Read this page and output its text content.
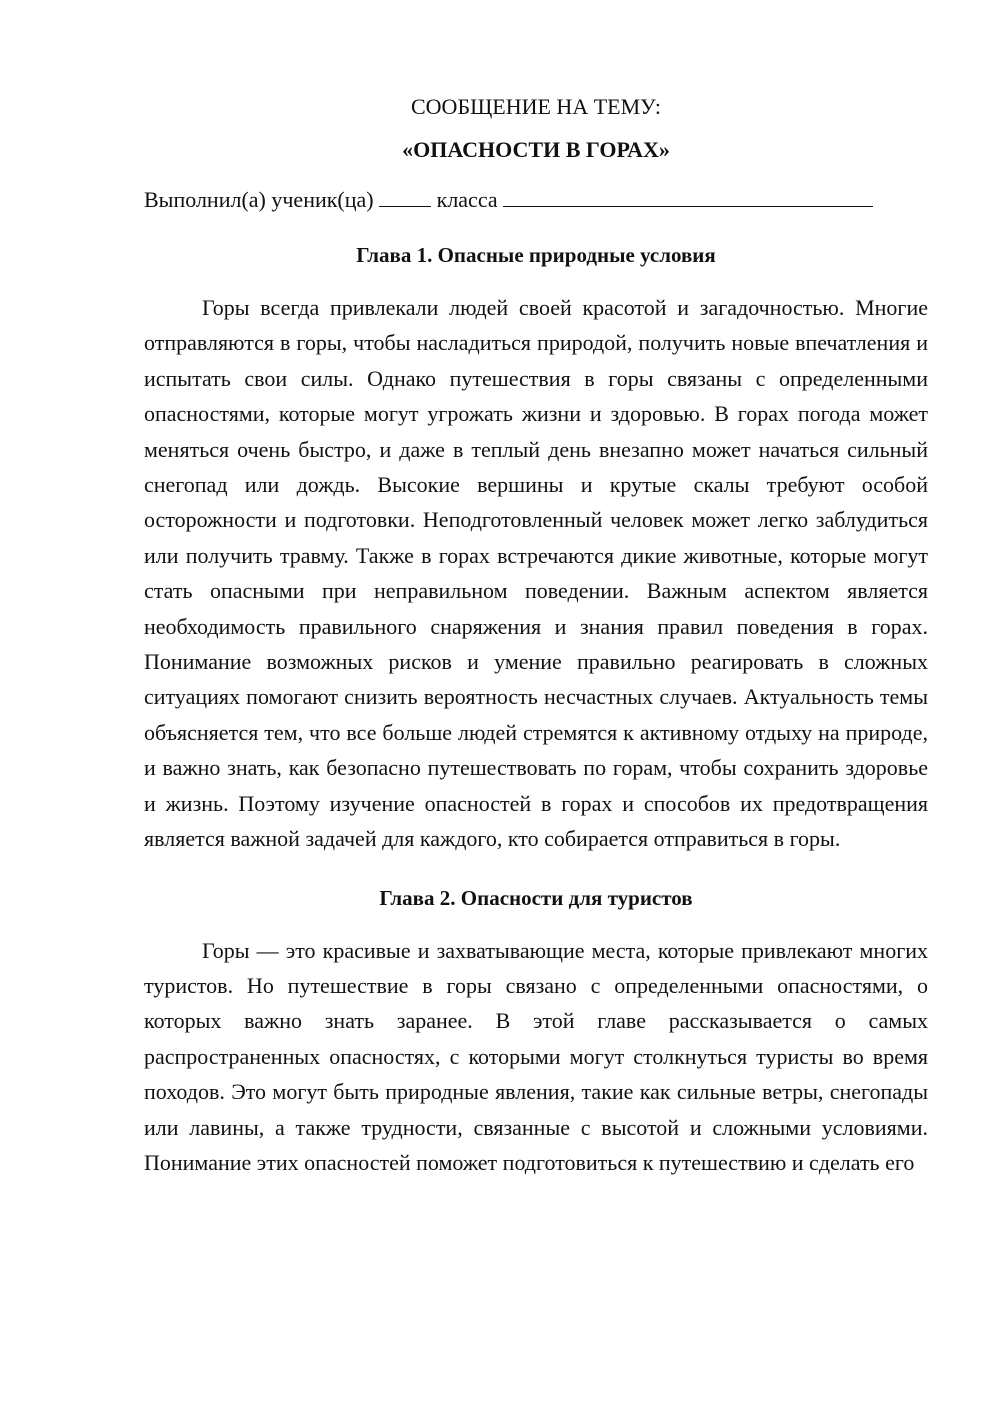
СООБЩЕНИЕ НА ТЕМУ:

«ОПАСНОСТИ В ГОРАХ»

Выполнил(а) ученик(ца)	класса

Глава 1. Опасные природные условия

Горы всегда привлекали людей своей красотой и загадочностью. Многие отправляются в горы, чтобы насладиться природой, получить новые впечатления и испытать свои силы. Однако путешествия в горы связаны с определенными опасностями, которые могут угрожать жизни и здоровью. В горах погода может меняться очень быстро, и даже в теплый день внезапно может начаться сильный снегопад или дождь. Высокие вершины и крутые скалы требуют особой осторожности и подготовки. Неподготовленный человек может легко заблудиться или получить травму. Также в горах встречаются дикие животные, которые могут стать опасными при неправильном поведении. Важным аспектом является необходимость правильного снаряжения и знания правил поведения в горах. Понимание возможных рисков и умение правильно реагировать в сложных ситуациях помогают снизить вероятность несчастных случаев. Актуальность темы объясняется тем, что все больше людей стремятся к активному отдыху на природе, и важно знать, как безопасно путешествовать по горам, чтобы сохранить здоровье и жизнь. Поэтому изучение опасностей в горах и способов их предотвращения является важной задачей для каждого, кто собирается отправиться в горы.

Глава 2. Опасности для туристов

Горы — это красивые и захватывающие места, которые привлекают многих туристов. Но путешествие в горы связано с определенными опасностями, о которых важно знать заранее. В этой главе рассказывается о самых распространенных опасностях, с которыми могут столкнуться туристы во время походов. Это могут быть природные явления, такие как сильные ветры, снегопады или лавины, а также трудности, связанные с высотой и сложными условиями. Понимание этих опасностей поможет подготовиться к путешествию и сделать его
